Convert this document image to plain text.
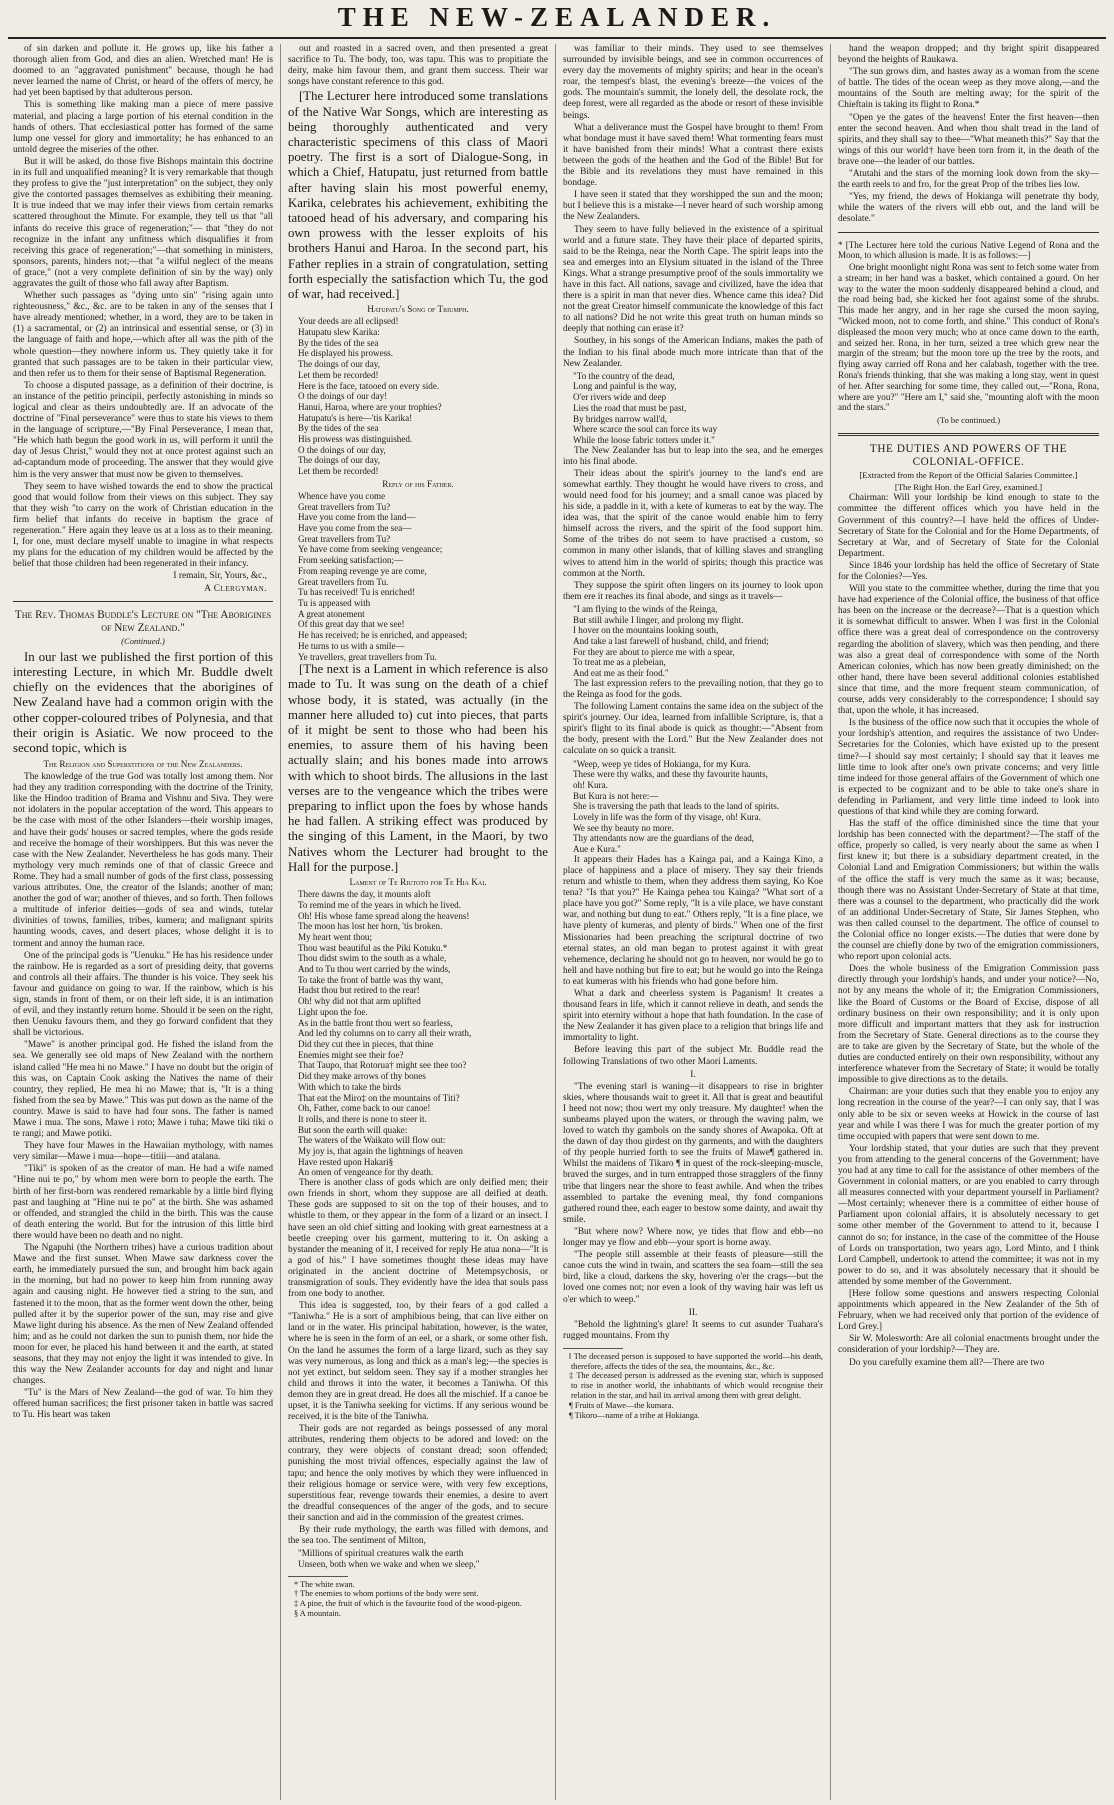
THE NEW-ZEALANDER.
of sin darken and pollute it. He grows up, like his father a thorough alien from God, and dies an alien. Wretched man! He is doomed to an "aggravated punishment" because, though he had never learned the name of Christ, or heard of the offers of mercy, he had yet been baptised by that adulterous person.
This is something like making man a piece of mere passive material, and placing a large portion of his eternal condition in the hands of others. That ecclesiastical potter has formed of the same lump one vessel for glory and immortality; he has enhanced to an untold degree the miseries of the other.
But it will be asked, do those five Bishops maintain this doctrine in its full and unqualified meaning? It is very remarkable that though they profess to give the "just interpretation" on the subject, they only give the contorted passages themselves as exhibiting their meaning. It is true indeed that we may infer their views from certain remarks scattered throughout the Minute. For example, they tell us that "all infants do receive this grace of regeneration;"— that "they do not recognize in the infant any unfitness which disqualifies it from receiving this grace of regeneration;"—that something in ministers, sponsors, parents, hinders not;—that "a wilful neglect of the means of grace," (not a very complete definition of sin by the way) only aggravates the guilt of those who fall away after Baptism.
Whether such passages as "dying unto sin" "rising again unto righteousness," &c., &c. are to be taken in any of the senses that I have already mentioned; whether, in a word, they are to be taken in (1) a sacramental, or (2) an intrinsical and essential sense, or (3) in the language of faith and hope,—which after all was the pith of the whole question—they nowhere inform us. They quietly take it for granted that such passages are to be taken in their particular view, and then refer us to them for their sense of Baptismal Regeneration.
To choose a disputed passage, as a definition of their doctrine, is an instance of the petitio principii, perfectly astonishing in minds so logical and clear as theirs undoubtedly are. If an advocate of the doctrine of "Final perseverance" were thus to state his views to them in the language of scripture,—"By Final Perseverance, I mean that, "He which hath begun the good work in us, will perform it until the day of Jesus Christ," would they not at once protest against such an ad-captandum mode of proceeding. The answer that they would give him is the very answer that must now be given to themselves.
They seem to have wished towards the end to show the practical good that would follow from their views on this subject. They say that they wish "to carry on the work of Christian education in the firm belief that infants do receive in baptism the grace of regeneration." Here again they leave us at a loss as to their meaning. I, for one, must declare myself unable to imagine in what respects my plans for the education of my children would be affected by the belief that those children had been regenerated in their infancy.
I remain, Sir, Yours, &c.,
A Clergyman.
The Rev. Thomas Buddle's Lecture on "The Aborigines of New Zealand."
(Continued.)
In our last we published the first portion of this interesting Lecture, in which Mr. Buddle dwelt chiefly on the evidences that the aborigines of New Zealand have had a common origin with the other copper-coloured tribes of Polynesia, and that their origin is Asiatic. We now proceed to the second topic, which is
The Religion and Superstitions of the New Zealanders.
The knowledge of the true God was totally lost among them. Nor had they any tradition corresponding with the doctrine of the Trinity, like the Hindoo tradition of Brama and Vishnu and Siva. They were not idolaters in the popular acceptation of the word. This appears to be the case with most of the other Islanders—their worship images, and have their gods' houses or sacred temples, where the gods reside and receive the homage of their worshippers. But this was never the case with the New Zealander. Nevertheless he has gods many. Their mythology very much reminds one of that of classic Greece and Rome. They had a small number of gods of the first class, possessing various attributes. One, the creator of the Islands; another of man; another the god of war; another of thieves, and so forth. Then follows a multitude of inferior deities—gods of sea and winds, tutelar divinities of towns, families, tribes, kumera; and malignant spirits haunting woods, caves, and desert places, whose delight it is to torment and annoy the human race.
One of the principal gods is "Uenuku." He has his residence under the rainbow. He is regarded as a sort of presiding deity, that governs and controls all their affairs. The thunder is his voice. They seek his favour and guidance on going to war. If the rainbow, which is his sign, stands in front of them, or on their left side, it is an intimation of evil, and they instantly return home. Should it be seen on the right, then Uenuku favours them, and they go forward confident that they shall be victorious.
"Mawe" is another principal god. He fished the island from the sea. We generally see old maps of New Zealand with the northern island called "He mea hi no Mawe." I have no doubt but the origin of this was, on Captain Cook asking the Natives the name of their country, they replied, He mea hi no Mawe; that is, "It is a thing fished from the sea by Mawe." This was put down as the name of the country. Mawe is said to have had four sons. The father is named Mawe i mua. The sons, Mawe i roto; Mawe i tuha; Mawe tiki tiki o te rangi; and Mawe potiki.
They have four Mawes in the Hawaiian mythology, with names very similar—Mawe i mua—hope—titiii—and atalana.
"Tiki" is spoken of as the creator of man. He had a wife named "Hine nui te po," by whom men were born to people the earth. The birth of her first-born was rendered remarkable by a little bird flying past and laughing at "Hine nui te po" at the birth. She was ashamed or offended, and strangled the child in the birth. This was the cause of death entering the world. But for the intrusion of this little bird there would have been no death and no night.
The Ngapuhi (the Northern tribes) have a curious tradition about Mawe and the first sunset. When Mawe saw darkness cover the earth, he immediately pursued the sun, and brought him back again in the morning, but had no power to keep him from running away again and causing night. He however tied a string to the sun, and fastened it to the moon, that as the former went down the other, being pulled after it by the superior power of the sun, may rise and give Mawe light during his absence. As the men of New Zealand offended him; and as he could not darken the sun to punish them, nor hide the moon for ever, he placed his hand between it and the earth, at stated seasons, that they may not enjoy the light it was intended to give. In this way the New Zealander accounts for day and night and lunar changes.
"Tu" is the Mars of New Zealand—the god of war. To him they offered human sacrifices; the first prisoner taken in battle was sacred to Tu. His heart was taken
out and roasted in a sacred oven, and then presented a great sacrifice to Tu. The body, too, was tapu. This was to propitiate the deity, make him favour them, and grant them success. Their war songs have constant reference to this god.
[The Lecturer here introduced some translations of the Native War Songs, which are interesting as being thoroughly authenticated and very characteristic specimens of this class of Maori poetry. The first is a sort of Dialogue-Song, in which a Chief, Hatupatu, just returned from battle after having slain his most powerful enemy, Karika, celebrates his achievement, exhibiting the tatooed head of his adversary, and comparing his own prowess with the lesser exploits of his brothers Hanui and Haroa. In the second part, his Father replies in a strain of congratulation, setting forth especially the satisfaction which Tu, the god of war, had received.]
Hatupatu's Song of Triumph.
Your deeds are all eclipsed!
Hatupatu slew Karika:
By the tides of the sea
He displayed his prowess.
The doings of our day,
Let them be recorded!
Here is the face, tatooed on every side.
O the doings of our day!
Hanui, Haroa, where are your trophies?
Hatupatu's is here—'tis Karika!
By the tides of the sea
His prowess was distinguished.
O the doings of our day,
The doings of our day,
Let them be recorded!
Reply of his Father.
Whence have you come
Great travellers from Tu?
Have you come from the land—
Have you come from the sea—
Great travellers from Tu?
Ye have come from seeking vengeance;
From seeking satisfaction;—
From reaping revenge ye are come,
Great travellers from Tu.
Tu has received! Tu is enriched!
Tu is appeased with
A great atonement
Of this great day that we see!
He has received; he is enriched, and appeased;
He turns to us with a smile—
Ye travellers, great travellers from Tu.
[The next is a Lament in which reference is also made to Tu. It was sung on the death of a chief whose body, it is stated, was actually (in the manner here alluded to) cut into pieces, that parts of it might be sent to those who had been his enemies, to assure them of his having been actually slain; and his bones made into arrows with which to shoot birds. The allusions in the last verses are to the vengeance which the tribes were preparing to inflict upon the foes by whose hands he had fallen. A striking effect was produced by the singing of this Lament, in the Maori, by two Natives whom the Lecturer had brought to the Hall for the purpose.]
Lament of Te Riutoto for Te Hia Kai.
There dawns the day, it mounts aloft
To remind me of the years in which he lived.
Oh! His whose fame spread along the heavens!
The moon has lost her horn, 'tis broken.
My heart went thou;
Thou wast beautiful as the Piki Kotuku.*
Thou didst swim to the south as a whale,
And to Tu thou wert carried by the winds,
To take the front of battle was thy want,
Hadst thou but retired to the rear!
Oh! why did not that arm uplifted
Light upon the foe.
As in the battle front thou wert so fearless,
And led thy columns on to carry all their wrath,
Did they cut thee in pieces, that thine
Enemies might see their foe?
That Taupo, that Rotorua† might see thee too?
Did they make arrows of thy bones
With which to take the birds
That eat the Miro‡ on the mountains of Titi?
Oh, Father, come back to our canoe!
It rolls, and there is none to steer it.
But soon the earth will quake:
The waters of the Waikato will flow out:
My joy is, that again the lightnings of heaven
Have rested upon Hakari§
An omen of vengeance for thy death.
There is another class of gods which are only deified men; their own friends in short, whom they suppose are all deified at death. These gods are supposed to sit on the top of their houses, and to whistle to them, or they appear in the form of a lizard or an insect. I have seen an old chief sitting and looking with great earnestness at a beetle creeping over his garment, muttering to it. On asking a bystander the meaning of it, I received for reply He atua nona—"It is a god of his." I have sometimes thought these ideas may have originated in the ancient doctrine of Metempsychosis, or transmigration of souls. They evidently have the idea that souls pass from one body to another.
This idea is suggested, too, by their fears of a god called a "Taniwha." He is a sort of amphibious being, that can live either on land or in the water. His principal habitation, however, is the water, where he is seen in the form of an eel, or a shark, or some other fish. On the land he assumes the form of a large lizard, such as they say was very numerous, as long and thick as a man's leg;—the species is not yet extinct, but seldom seen. They say if a mother strangles her child and throws it into the water, it becomes a Taniwha. Of this demon they are in great dread. He does all the mischief. If a canoe be upset, it is the Taniwha seeking for victims. If any serious wound be received, it is the bite of the Taniwha.
Their gods are not regarded as beings possessed of any moral attributes, rendering them objects to be adored and loved: on the contrary, they were objects of constant dread; soon offended; punishing the most trivial offences, especially against the law of tapu; and hence the only motives by which they were influenced in their religious homage or service were, with very few exceptions, superstitious fear, revenge towards their enemies, a desire to avert the dreadful consequences of the anger of the gods, and to secure their sanction and aid in the commission of the greatest crimes.
By their rude mythology, the earth was filled with demons, and the sea too. The sentiment of Milton,
"Millions of spiritual creatures walk the earth
Unseen, both when we wake and when we sleep,"
* The white swan.
† The enemies to whom portions of the body were sent.
‡ A pine, the fruit of which is the favourite food of the wood-pigeon.
§ A mountain.
was familiar to their minds. They used to see themselves surrounded by invisible beings, and see in common occurrences of every day the movements of mighty spirits; and hear in the ocean's roar, the tempest's blast, the evening's breeze—the voices of the gods. The mountain's summit, the lonely dell, the desolate rock, the deep forest, were all regarded as the abode or resort of these invisible beings.
What a deliverance must the Gospel have brought to them! From what bondage must it have saved them! What tormenting fears must it have banished from their minds! What a contrast there exists between the gods of the heathen and the God of the Bible! But for the Bible and its revelations they must have remained in this bondage.
I have seen it stated that they worshipped the sun and the moon; but I believe this is a mistake—I never heard of such worship among the New Zealanders.
They seem to have fully believed in the existence of a spiritual world and a future state. They have their place of departed spirits, said to be the Reinga, near the North Cape. The spirit leaps into the sea and emerges into an Elysium situated in the island of the Three Kings. What a strange presumptive proof of the souls immortality we have in this fact. All nations, savage and civilized, have the idea that there is a spirit in man that never dies. Whence came this idea? Did not the great Creator himself communicate the knowledge of this fact to all nations? Did he not write this great truth on human minds so deeply that nothing can erase it?
Southey, in his songs of the American Indians, makes the path of the Indian to his final abode much more intricate than that of the New Zealander.
"To the country of the dead,
Long and painful is the way,
O'er rivers wide and deep
Lies the road that must be past,
By bridges narrow wall'd,
Where scarce the soul can force its way
While the loose fabric totters under it."
The New Zealander has but to leap into the sea, and he emerges into his final abode.
Their ideas about the spirit's journey to the land's end are somewhat earthly. They thought he would have rivers to cross, and would need food for his journey; and a small canoe was placed by his side, a paddle in it, with a kete of kumeras to eat by the way. The idea was, that the spirit of the canoe would enable him to ferry himself across the rivers, and the spirit of the food support him. Some of the tribes do not seem to have practised a custom, so common in many other islands, that of killing slaves and strangling wives to attend him in the world of spirits; though this practice was common at the North.
They suppose the spirit often lingers on its journey to look upon them ere it reaches its final abode, and sings as it travels—
"I am flying to the winds of the Reinga,
But still awhile I linger, and prolong my flight.
I hover on the mountains looking south,
And take a last farewell of husband, child, and friend;
For they are about to pierce me with a spear,
To treat me as a plebeian,
And eat me as their food."
The last expression refers to the prevailing notion, that they go to the Reinga as food for the gods.
The following Lament contains the same idea on the subject of the spirit's journey. Our idea, learned from infallible Scripture, is, that a spirit's flight to its final abode is quick as thought:—"Absent from the body, present with the Lord." But the New Zealander does not calculate on so quick a transit.
"Weep, weep ye tides of Hokianga, for my Kura.
These were thy walks, and these thy favourite haunts,
oh! Kura.
But Kura is not here:—
She is traversing the path that leads to the land of spirits.
Lovely in life was the form of thy visage, oh! Kura.
We see thy beauty no more.
Thy attendants now are the guardians of the dead,
Aue e Kura."
It appears their Hades has a Kainga pai, and a Kainga Kino, a place of happiness and a place of misery. They say their friends return and whistle to them, when they address them saying, Ko Koe tena? "Is that you?" He Kainga pehea tou Kainga? "What sort of a place have you got?" Some reply, "It is a vile place, we have constant war, and nothing but dung to eat." Others reply, "It is a fine place, we have plenty of kumeras, and plenty of birds." When one of the first Missionaries had been preaching the scriptural doctrine of two eternal states, an old man began to protest against it with great vehemence, declaring he should not go to heaven, nor would he go to hell and have nothing but fire to eat; but he would go into the Reinga to eat kumeras with his friends who had gone before him.
What a dark and cheerless system is Paganism! It creates a thousand fears in life, which it cannot relieve in death, and sends the spirit into eternity without a hope that hath foundation. In the case of the New Zealander it has given place to a religion that brings life and immortality to light.
Before leaving this part of the subject Mr. Buddle read the following Translations of two other Maori Laments.
I.
"The evening star‖ is waning—it disappears to rise in brighter skies, where thousands wait to greet it. All that is great and beautiful I heed not now; thou wert my only treasure. My daughter! when the sunbeams played upon the waters, or through the waving palm, we loved to watch thy gambols on the sandy shores of Awapoka. Oft at the dawn of day thou girdest on thy garments, and with the daughters of thy people hurried forth to see the fruits of Mawe¶ gathered in. Whilst the maidens of Tikaro ¶ in quest of the rock-sleeping-muscle, braved the surges, and in turn entrapped those stragglers of the finny tribe that lingers near the shore to feast awhile. And when the tribes assembled to partake the evening meal, thy fond companions gathered round thee, each eager to bestow some dainty, and await thy smile.
"But where now? Where now, ye tides that flow and ebb—no longer may ye flow and ebb—your sport is borne away.
"The people still assemble at their feasts of pleasure—still the canoe cuts the wind in twain, and scatters the sea foam—still the sea bird, like a cloud, darkens the sky, hovering o'er the crags—but the loved one comes not; nor even a look of thy waving hair was left us o'er which to weep."
II.
"Behold the lightning's glare! It seems to cut asunder Tuahara's rugged mountains. From thy
‖ The deceased person is supposed to have supported the world—his death, therefore, affects the tides of the sea, the mountains, &c., &c.
‡ The deceased person is addressed as the evening star, which is supposed to rise in another world, the inhabitants of which would recognise their relation in the star, and hail its arrival among them with great delight.
¶ Fruits of Mawe—the kumara.
¶ Tikoro—name of a tribe at Hokianga.
hand the weapon dropped; and thy bright spirit disappeared beyond the heights of Raukawa.
"The sun grows dim, and hastes away as a woman from the scene of battle. The tides of the ocean weep as they move along,—and the mountains of the South are melting away; for the spirit of the Chieftain is taking its flight to Rona.*
"Open ye the gates of the heavens! Enter the first heaven—then enter the second heaven. And when thou shalt tread in the land of spirits, and they shall say to thee—"What meaneth this?" Say that the wings of this our world† have been torn from it, in the death of the brave one—the leader of our battles.
"Atutahi and the stars of the morning look down from the sky—the earth reels to and fro, for the great Prop of the tribes lies low.
"Yes, my friend, the dews of Hokianga will penetrate thy body, while the waters of the rivers will ebb out, and the land will be desolate."
* [The Lecturer here told the curious Native Legend of Rona and the Moon, to which allusion is made. It is as follows:—]
One bright moonlight night Rona was sent to fetch some water from a stream; in her hand was a basket, which contained a gourd. On her way to the water the moon suddenly disappeared behind a cloud, and the road being bad, she kicked her foot against some of the shrubs. This made her angry, and in her rage she cursed the moon saying, "Wicked moon, not to come forth, and shine." This conduct of Rona's displeased the moon very much; who at once came down to the earth, and seized her. Rona, in her turn, seized a tree which grew near the margin of the stream; but the moon tore up the tree by the roots, and flying away carried off Rona and her calabash, together with the tree. Rona's friends thinking, that she was making a long stay, went in quest of her. After searching for some time, they called out,—"Rona, Rona, where are you?" "Here am I," said she, "mounting aloft with the moon and the stars."
(To be continued.)
THE DUTIES AND POWERS OF THE COLONIAL-OFFICE.
[Extracted from the Report of the Official Salaries Committee.]
[The Right Hon. the Earl Grey, examined.]
Chairman: Will your lordship be kind enough to state to the committee the different offices which you have held in the Government of this country?—I have held the offices of Under-Secretary of State for the Colonial and for the Home Departments, of Secretary at War, and of Secretary of State for the Colonial Department.
Since 1846 your lordship has held the office of Secretary of State for the Colonies?—Yes.
Will you state to the committee whether, during the time that you have had experience of the Colonial office, the business of that office has been on the increase or the decrease?—That is a question which it is somewhat difficult to answer. When I was first in the Colonial office there was a great deal of correspondence on the controversy regarding the abolition of slavery, which was then pending, and there was also a great deal of correspondence with some of the North American colonies, which has now been greatly diminished; on the other hand, there have been several additional colonies established since that time, and the more frequent steam communication, of course, adds very considerably to the correspondence; I should say that, upon the whole, it has increased.
Is the business of the office now such that it occupies the whole of your lordship's attention, and requires the assistance of two Under-Secretaries for the Colonies, which have existed up to the present time?—I should say most certainly; I should say that it leaves me little time to look after one's own private concerns; and very little time indeed for those general affairs of the Government of which one is expected to be cognizant and to be able to take one's share in defending in Parliament, and very little time indeed to look into questions of that kind while they are coming forward.
Has the staff of the office diminished since the time that your lordship has been connected with the department?—The staff of the office, properly so called, is very nearly about the same as when I first knew it; but there is a subsidiary department created, in the Colonial Land and Emigration Commissioners; but within the walls of the office the staff is very much the same as it was; because, though there was no Assistant Under-Secretary of State at that time, there was a counsel to the department, who practically did the work of an additional Under-Secretary of State, Sir James Stephen, who was then called counsel to the department. The office of counsel to the Colonial office no longer exists.—The duties that were done by the counsel are chiefly done by two of the emigration commissioners, who report upon colonial acts.
Does the whole business of the Emigration Commission pass directly through your lordship's hands, and under your notice?—No, not by any means the whole of it; the Emigration Commissioners, like the Board of Customs or the Board of Excise, dispose of all ordinary business on their own responsibility; and it is only upon more difficult and important matters that they ask for instruction from the Secretary of State. General directions as to the course they are to take are given by the Secretary of State, but the whole of the duties are conducted entirely on their own responsibility, without any interference whatever from the Secretary of State; it would be totally impossible to give directions as to the details.
Chairman: are your duties such that they enable you to enjoy any long recreation in the course of the year?—I can only say, that I was only able to be six or seven weeks at Howick in the course of last year and while I was there I was for much the greater portion of my time occupied with papers that were sent down to me.
Your lordship stated, that your duties are such that they prevent you from attending to the general concerns of the Government; have you had at any time to call for the assistance of other members of the Government in colonial matters, or are you enabled to carry through all measures connected with your department yourself in Parliament?—Most certainly; whenever there is a committee of either house of Parliament upon colonial affairs, it is absolutely necessary to get some other member of the Government to attend to it, because I cannot do so; for instance, in the case of the committee of the House of Lords on transportation, two years ago, Lord Minto, and I think Lord Campbell, undertook to attend the committee; it was not in my power to do so, and it was absolutely necessary that it should be attended by some member of the Government.
[Here follow some questions and answers respecting Colonial appointments which appeared in the New Zealander of the 5th of February, when we had received only that portion of the evidence of Lord Grey.]
Sir W. Molesworth: Are all colonial enactments brought under the consideration of your lordship?—They are.
Do you carefully examine them all?—There are two
